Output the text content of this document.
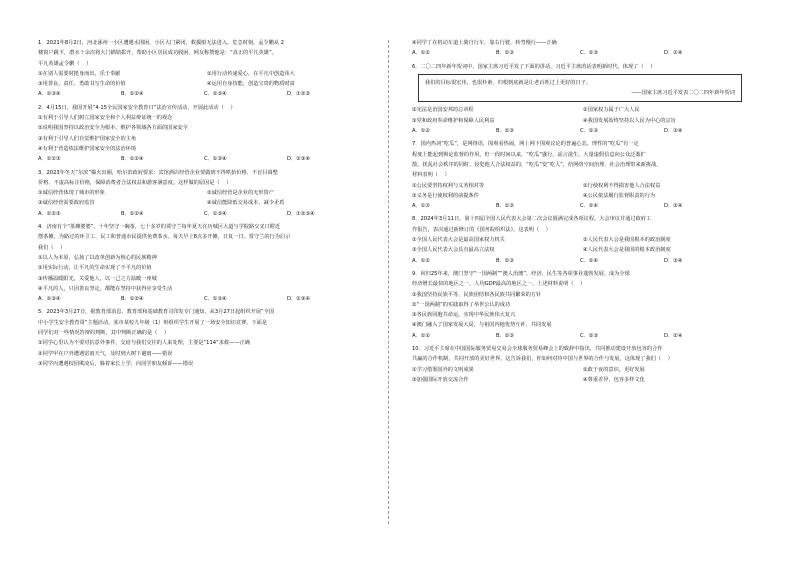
1．2021年8月2日，河北涿州一小区遭遇水围困，小区大门紧闭，救援船无法进入。危急时刻，孟令鹏从 2
楼窗户跳下，潜水十余次将大门插销拔开，帮助小区居民成功脱困，网友称赞他是：“真正的平凡英雄”。
平凡英雄孟令鹏（    ）
①在别人需要时挺身而出，乐于奉献	②用行动传递爱心，在平凡中创造伟大
③用善良、责任、勇敢书写生命的价值	④运用自身技能，创造宝贵的物质财富
A．①③④	B．①②④	C．②③④	D．①②③
2．4月15日，我国开展“4·15全民国家安全教育日”法治宣传活动，开展此活动（    ）
①有利于引导人们树立国家安全和个人利益辩证统一的观念
②说明我国坚持以政治安全为根本，维护各领域各方面的国家安全
③有利于引导人们自觉维护国家安全的主角
④有利于营造依法维护国家安全的法治环境
A．①②③	B．①②④	C．①③④	D．②③④
3．2023年冬天“尔滨”爆火出圈，哈尔滨政府要求：宾馆酒店经营企业要做到不得哄抬价格、不盲目调整
价格、不虚高标注价格，保障消费者合法权益和游客满意度。这样做的原因是（    ）
①诚信经营体现了城市的形象	②诚信经营是企业的无形资产
③诚信经营需要政府监管	④诚信能降低交易成本、减少矛盾
A．①②③	B．①②④	C．①③④	D．①②③④
4．济南有个“茶摊婆婆”，十年坚守一碗茶，七十多岁的贾守兰每年夏天在历城区大道与学院路交叉口附近
摆茶摊，为路过的环卫工、民工和普通市民提供免费茶水。每天早上8点多开摊，日复一日。贾守兰的行为启示
我们（    ）
①以人为本原，弘扬了以改革创新为核心的民族精神
②用实际行动，让平凡的生命实现了不平凡的价值
③传播温暖阳光，关爱他人，以一己之力温暖一座城
④平凡的人，只因善良坚定，都能在坚持中获得应享受生活
A．①③④	B．①②④	C．①③④	D．②③④
5．2023年3月27日，据教育部消息，教育部和基础教育司印发专门通知，从3月27日起组织开展“全国
中小学生安全教育周”主题活动，某市某校九年级（1）班组织学生开展了一场安全知识竞赛，下面是
同学们对一些情况答辩的判断，其中判断正确的是（    ）
①同学心里认为不要对抗意外事件，交给与我们交往的人来处理，主要是“114”求救——正确
②同学甲在户外遭遇雷雨天气，及时到大树下避雨——错误
③同学丙遭遇校园欺凌后，躲着家长上学，向同学朋友倾诉——错误
④同学丁在机动车道上骑自行车，靠右行驶，转弯慢行——正确
A．①②	B．①③	C．②③	D．②④
6．二〇二四年新年贺词中，国家主席习近平发了下面的讲话，习近平主席的话表明新时代，体现了（    ）
我们的目标很宏伟，也很朴素，归根到底就是让老百姓过上更好的日子。
——国家主席习近平发表二〇二四年新年贺词
①宪法是治国安邦的总章程	②国家权力属于广大人民
③党和政府奉命维护和保障人民利益	④我国发展始终坚持以人民为中心的宗旨
A．①②	B．①③	C．②③	D．③④
7．国内热词“吃瓜”，是网络语，围观看热闹，网上网下围观议论的普遍心态。理性的“吃瓜”有一定
程度上能起到舆论监督的作用。但一段时间以来，“吃瓜”盛行，谣言滋生，大量虚假信息向公众泛滥扩
散，扰乱社会秩序的同时，侵犯他人合法权益的，“吃瓜”变“吃人”，给网络空间治理、社会治理带来新挑战。
材料表明（    ）
①公民要坚持权利与义务相对等	②行使权利不得损害他人合法权益
③义务是行使权利的前提条件	④公民依法履行监督职责的行为
A．①②	B．①③	C．②④	D．③④
8．2024年3月11日，第十四届全国人民代表大会第二次会议圆满完成各项议程。大会审议并通过政府工
作报告，表决通过新修订的《国务院组织法》。这表明（    ）
①全国人民代表大会是最高国家权力机关	②人民代表大会是我国根本的政治制度
③全国人民代表大会具有最高立法权	④人民代表大会是我国的根本政治制度
A．①②	B．①③	C．②④	D．③④
9．回归25年来，澳门坚守“一国两制”“澳人治澳”，经济、民生等各项事业蓬勃发展。成为全球
经济增长最快的地区之一，人均GDP最高的地区之一。上述材料说明（    ）
①我国坚持民族平等、民族团结和各民族共同繁荣的方针
②“一国两制”的实践取得了举世公认的成功
③各民族同胞共命运、实现中华民族伟大复兴
④澳门融入了国家发展大局，与祖国内地优势互补、共同发展
A．①②	B．①③	C．②③	D．②④
10．习近平主席在中国国际服务贸易交易会全球服务贸易峰会上的致辞中指出，共同推动建设开放包容的合作
共赢的合作机制，共同开放的美好世界。这告诉我们，你如何对待中国与世界的合作与发展，这体现了我们（    ）
①学习借鉴国外的文明成果	②敢于夜的意识，更好发展
③加强国际开放交流合作	④尊重差异，包容多样文化
